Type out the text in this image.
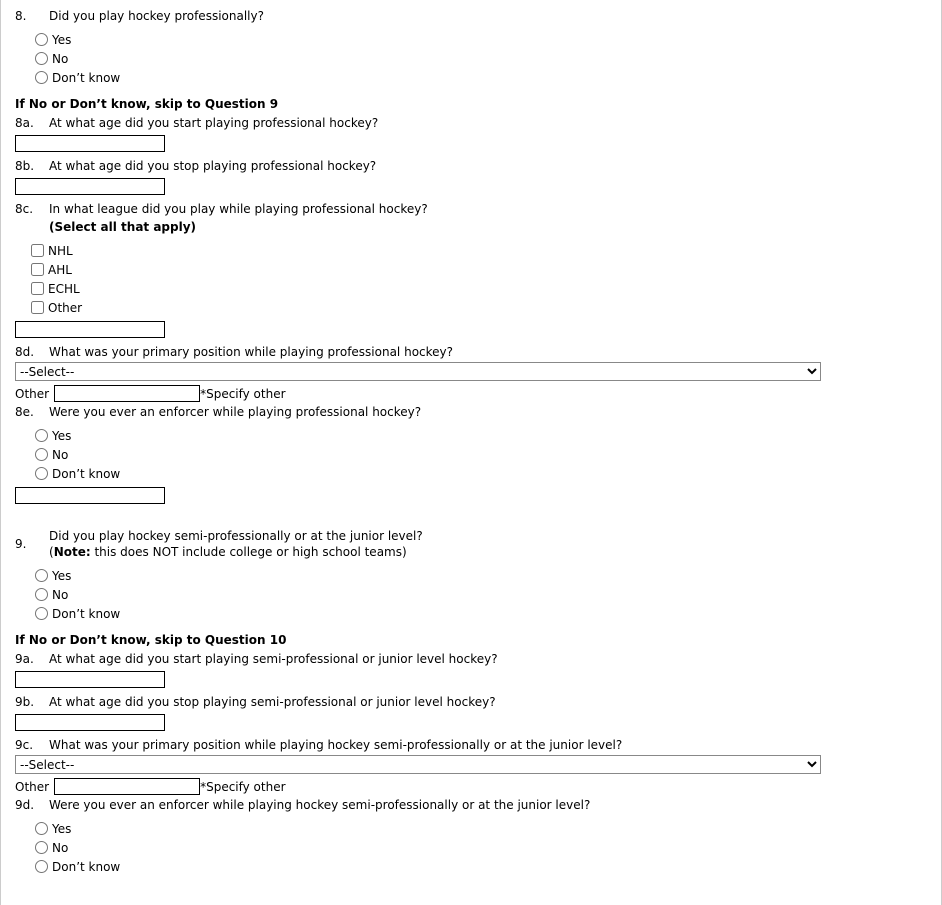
8.	Did you play hockey professionally?
Yes
No
Don’t know
If No or Don’t know, skip to Question 9
8a.	At what age did you start playing professional hockey?
8b.	At what age did you stop playing professional hockey?
8c.	In what league did you play while playing professional hockey?
(Select all that apply)
NHL
AHL
ECHL
Other
8d.	What was your primary position while playing professional hockey?
--Select--
Other	*Specify other
8e.	Were you ever an enforcer while playing professional hockey?
Yes
No
Don’t know
9.
Did you play hockey semi-professionally or at the junior level?
(Note: this does NOT include college or high school teams)
Yes
No
Don’t know
If No or Don’t know, skip to Question 10
9a.	At what age did you start playing semi-professional or junior level hockey?
9b.	At what age did you stop playing semi-professional or junior level hockey?
9c.	What was your primary position while playing hockey semi-professionally or at the junior level?
--Select--
Other	*Specify other
9d.	Were you ever an enforcer while playing hockey semi-professionally or at the junior level?
Yes
No
Don’t know
